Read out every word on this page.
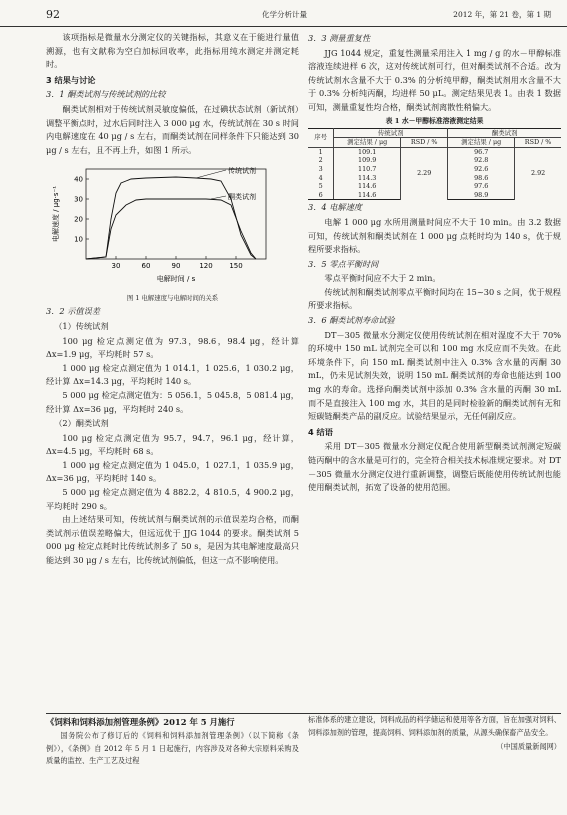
92	化学分析计量	2012 年，第 21 卷，第 1 期

该项指标是微量水分测定仪的关键指标，其意义在于能进行量值溯源，也有文献称为空白加标回收率，此指标用纯水测定并测定耗时。

3 结果与讨论

3．1 酮类试剂与传统试剂的比较

酮类试剂相对于传统试剂灵敏度偏低，在过碘状态试剂（新试剂）调整平衡点时，过水后同时注入 3 000 μg 水，传统试剂在 30 s 时间内电解速度在 40 μg / s 左右，而酮类试剂在同样条件下只能达到 30 μg / s 左右，且不再上升，如图 1 所示。

30	60	90	120 150
10
20
30
40
传统试剂
酮类试剂
电解时间 / s
电解速度 / μg·s⁻¹

图 1 电解速度与电解时间的关系

3．2 示值误差

（1）传统试剂

100 μg 检定点测定值为 97.3，98.6，98.4 μg，经计算 Δx=1.9 μg，平均耗时 57 s。

1 000 μg 检定点测定值为 1 014.1，1 025.6，1 030.2 μg，经计算 Δx=14.3 μg，平均耗时 140 s。

5 000 μg 检定点测定值为：5 056.1，5 045.8，5 081.4 μg，经计算 Δx=36 μg，平均耗时 240 s。

（2）酮类试剂

100 μg 检定点测定值为 95.7，94.7，96.1 μg，经计算，Δx=4.5 μg，平均耗时 68 s。

1 000 μg 检定点测定值为 1 045.0，1 027.1，1 035.9 μg，Δx=36 μg，平均耗时 140 s。

5 000 μg 检定点测定值为 4 882.2，4 810.5，4 900.2 μg，平均耗时 290 s。

由上述结果可知，传统试剂与酮类试剂的示值误差均合格，而酮类试剂示值误差略偏大，但远远优于 JJG 1044 的要求。酮类试剂 5 000 μg 检定点耗时比传统试剂多了 50 s，是因为其电解速度最高只能达到 30 μg / s 左右，比传统试剂偏低，但这一点不影响使用。

3．3 测量重复性

JJG 1044 规定，重复性测量采用注入 1 mg / g 的水－甲醇标准溶液连续进样 6 次，这对传统试剂可行，但对酮类试剂不合适。改为传统试剂水含量不大于 0.3% 的分析纯甲醇，酮类试剂用水含量不大于 0.3% 分析纯丙酮，均进样 50 μL。测定结果见表 1。由表 1 数据可知，测量重复性均合格，酮类试剂离散性稍偏大。

表 1 水－甲醇标准溶液测定结果

序号	传统试剂		酮类试剂	
	测定结果 / μg	RSD / %	测定结果 / μg	RSD / %
1	109.1	2.29	96.7	2.92
2	109.9		92.8	
3	110.7		92.6	
4	114.3		98.6	
5	114.6		97.6	
6	114.6		98.9	

3．4 电解速度

电解 1 000 μg 水所用测量时间应不大于 10 min。由 3.2 数据可知，传统试剂和酮类试剂在 1 000 μg 点耗时均为 140 s，优于规程所要求指标。

3．5 零点平衡时间

零点平衡时间应不大于 2 min。

传统试剂和酮类试剂零点平衡时间均在 15~30 s 之间，优于规程所要求指标。

3．6 酮类试剂寿命试验

DT－305 微量水分测定仪使用传统试剂在相对湿度不大于 70% 的环境中 150 mL 试剂完全可以和 100 mg 水反应而不失效。在此环境条件下，向 150 mL 酮类试剂中注入 0.3% 含水量的丙酮 30 mL，仍未见试剂失效，说明 150 mL 酮类试剂的寿命也能达到 100 mg 水的寿命。选择向酮类试剂中添加 0.3% 含水量的丙酮 30 mL 而不是直接注入 100 mg 水，其目的是同时检验新的酮类试剂有无和短碳链酮类产品的副反应。试验结果显示，无任何副反应。

4 结语

采用 DT－305 微量水分测定仪配合使用新型酮类试剂测定短碳链丙酮中的含水量是可行的，完全符合相关技术标准规定要求。对 DT－305 微量水分测定仪进行重新调整，调整后既能使用传统试剂也能使用酮类试剂，拓宽了设备的使用范围。

《饲料和饲料添加剂管理条例》2012 年 5 月施行

国务院公布了修订后的《饲料和饲料添加剂管理条例》（以下简称《条例》），《条例》自 2012 年 5 月 1 日起施行，内容涉及对各种大宗原料采购及质量的监控、生产工艺及过程

标准体系的建立建设，饲料成品的科学储运和使用等各方面，旨在加强对饲料、饲料添加剂的管理，提高饲料、饲料添加剂的质量，从源头确保畜产品安全。

（中国质量新闻网）
